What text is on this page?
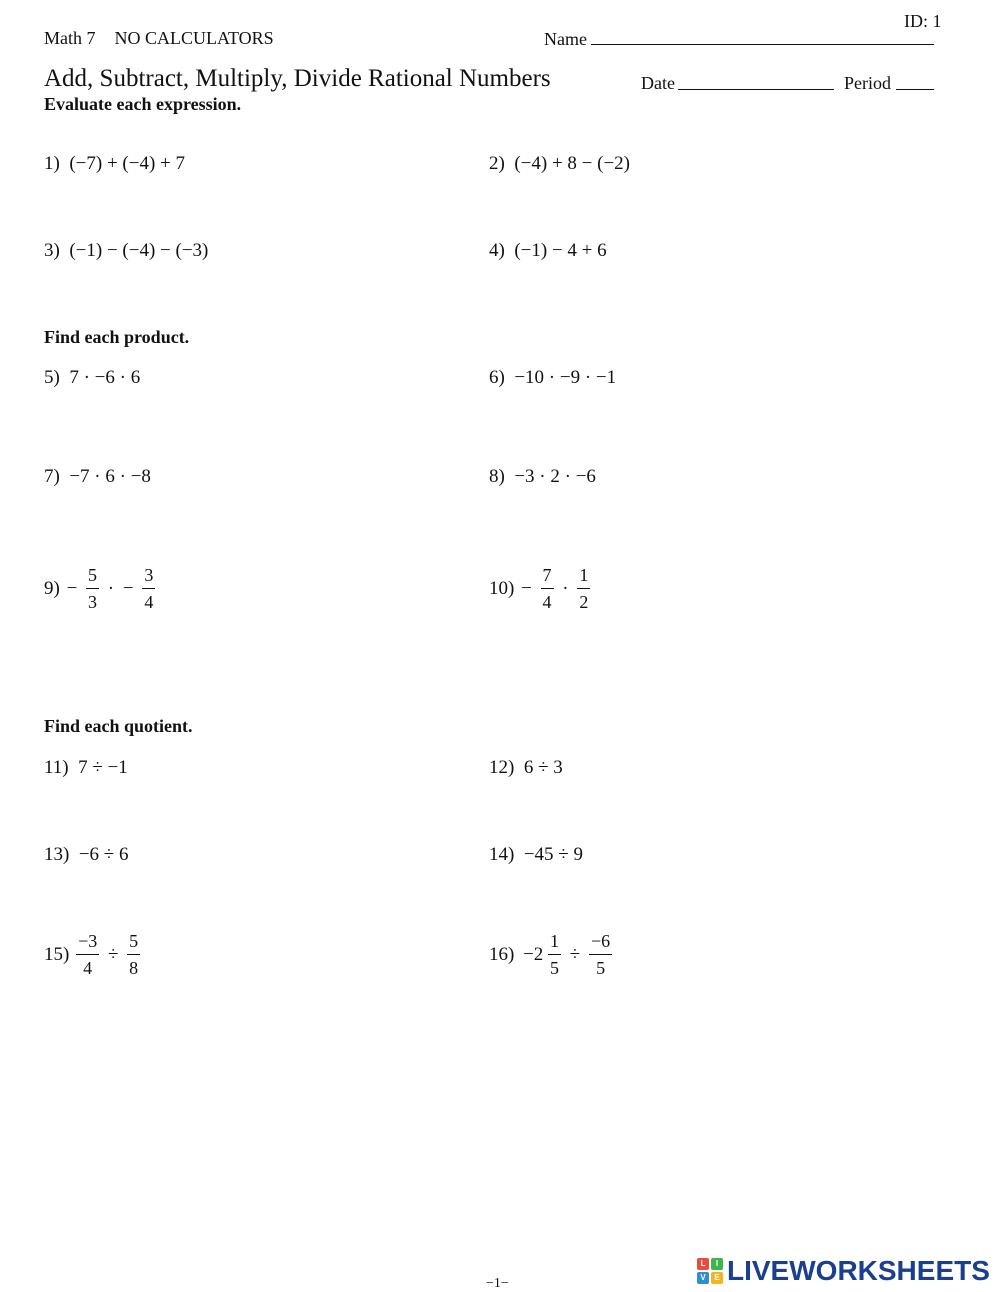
ID: 1
Math 7 NO CALCULATORS	Name
Add, Subtract, Multiply, Divide Rational Numbers	Date	Period
Evaluate each expression.
1) (−7) + (−4) + 7	2) (−4) + 8 − (−2)
3) (−1) − (−4) − (−3)	4) (−1) − 4 + 6
Find each product.
5) 7 · −6 · 6	6) −10 · −9 · −1
7) −7 · 6 · −8	8) −3 · 2 · −6
$9) - \frac{5}{3}$ · − $\frac{3}{4}$	$10) - \frac{7}{4} \cdot \frac{1}{2}$
Find each quotient.
11) 7 ÷ −1	12) 6 ÷ 3
13) −6 ÷ 6	14) −45 ÷ 9
$15) \frac{-3}{4} \div \frac{5}{8}$	$16) -2 \frac{1}{5} \div \frac{-6}{5}$
−1−
L	I
V	E LIVEWORKSHEETS
